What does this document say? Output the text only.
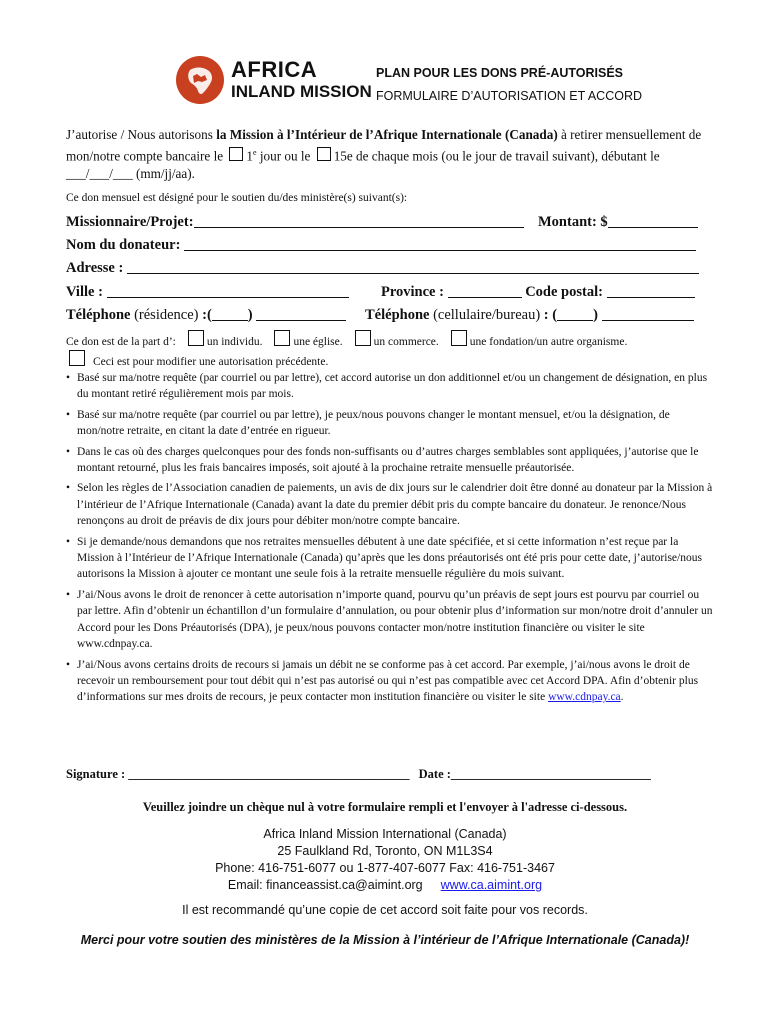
AFRICA
INLAND MISSION
PLAN POUR LES DONS PRÉ-AUTORISÉS
FORMULAIRE D’AUTORISATION ET ACCORD
J’autorise / Nous autorisons la Mission à l’Intérieur de l’Afrique Internationale (Canada) à retirer mensuellement de mon/notre compte bancaire le 1e jour ou le 15e de chaque mois (ou le jour de travail suivant), débutant le ___/___/___ (mm/jj/aa).
Ce don mensuel est désigné pour le soutien du/des ministère(s) suivant(s):
Missionnaire/Projet:	Montant: $
Nom du donateur:
Adresse :
Ville :	Province :	Code postal:
Téléphone (résidence) :( )	Téléphone (cellulaire/bureau) : ( )
Ce don est de la part d’:	un individu.	une église.	un commerce.	une fondation/un autre organisme.
Ceci est pour modifier une autorisation précédente.
• Basé sur ma/notre requête (par courriel ou par lettre), cet accord autorise un don additionnel et/ou un changement de désignation, en plus du montant retiré régulièrement mois par mois.
• Basé sur ma/notre requête (par courriel ou par lettre), je peux/nous pouvons changer le montant mensuel, et/ou la désignation, de mon/notre retraite, en citant la date d’entrée en rigueur.
• Dans le cas où des charges quelconques pour des fonds non-suffisants ou d’autres charges semblables sont appliquées, j’autorise que le montant retourné, plus les frais bancaires imposés, soit ajouté à la prochaine retraite mensuelle préautorisée.
• Selon les règles de l’Association canadien de paiements, un avis de dix jours sur le calendrier doit être donné au donateur par la Mission à l’intérieur de l’Afrique Internationale (Canada) avant la date du premier débit pris du compte bancaire du donateur. Je renonce/Nous renonçons au droit de préavis de dix jours pour débiter mon/notre compte bancaire.
• Si je demande/nous demandons que nos retraites mensuelles débutent à une date spécifiée, et si cette information n’est reçue par la Mission à l’Intérieur de l’Afrique Internationale (Canada) qu’après que les dons préautorisés ont été pris pour cette date, j’autorise/nous autorisons la Mission à ajouter ce montant une seule fois à la retraite mensuelle régulière du mois suivant.
• J’ai/Nous avons le droit de renoncer à cette autorisation n’importe quand, pourvu qu’un préavis de sept jours est pourvu par courriel ou par lettre. Afin d’obtenir un échantillon d’un formulaire d’annulation, ou pour obtenir plus d’information sur mon/notre droit d’annuler un Accord pour les Dons Préautorisés (DPA), je peux/nous pouvons contacter mon/notre institution financière ou visiter le site www.cdnpay.ca.
• J’ai/Nous avons certains droits de recours si jamais un débit ne se conforme pas à cet accord. Par exemple, j’ai/nous avons le droit de recevoir un remboursement pour tout débit qui n’est pas autorisé ou qui n’est pas compatible avec cet Accord DPA. Afin d’obtenir plus d’informations sur mes droits de recours, je peux contacter mon institution financière ou visiter le site www.cdnpay.ca.
Signature : _____________________________________________ Date :________________________________
Veuillez joindre un chèque nul à votre formulaire rempli et l'envoyer à l'adresse ci-dessous.
Africa Inland Mission International (Canada)
25 Faulkland Rd, Toronto, ON M1L3S4
Phone: 416-751-6077 ou 1-877-407-6077 Fax: 416-751-3467
Email: financeassist.ca@aimint.org www.ca.aimint.org
Il est recommandé qu’une copie de cet accord soit faite pour vos records.
Merci pour votre soutien des ministères de la Mission à l’intérieur de l’Afrique Internationale (Canada)!
